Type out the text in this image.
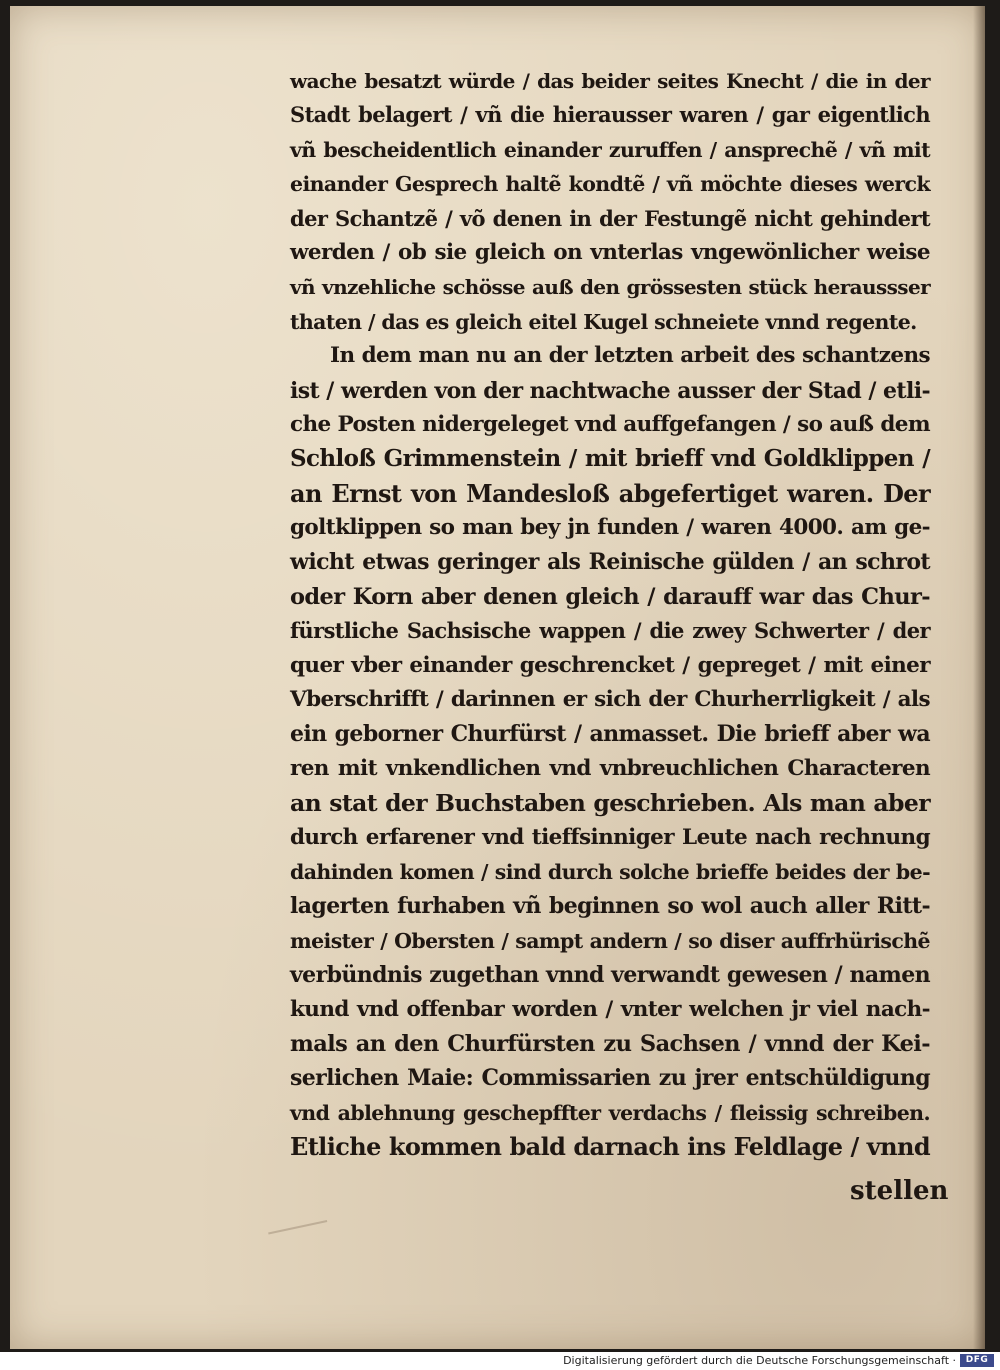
wache besatzt würde / das beider seites Knecht / die in der
Stadt belagert / vñ die hierausser waren / gar eigentlich
vñ bescheidentlich einander zuruffen / ansprechẽ / vñ mit
einander Gesprech haltẽ kondtẽ / vñ möchte dieses werck
der Schantzẽ / võ denen in der Festungẽ nicht gehindert
werden / ob sie gleich on vnterlas vngewönlicher weise
vñ vnzehliche schösse auß den grössesten stück heraussser
thaten / das es gleich eitel Kugel schneiete vnnd regente.
In dem man nu an der letzten arbeit des schantzens
ist / werden von der nachtwache ausser der Stad / etli-
che Posten nidergeleget vnd auffgefangen / so auß dem
Schloß Grimmenstein / mit brieff vnd Goldklippen /
an Ernst von Mandesloß abgefertiget waren. Der
goltklippen so man bey jn funden / waren 4000. am ge-
wicht etwas geringer als Reinische gülden / an schrot
oder Korn aber denen gleich / darauff war das Chur-
fürstliche Sachsische wappen / die zwey Schwerter / der
quer vber einander geschrencket / gepreget / mit einer
Vberschrifft / darinnen er sich der Churherrligkeit / als
ein geborner Churfürst / anmasset. Die brieff aber wa
ren mit vnkendlichen vnd vnbreuchlichen Characteren
an stat der Buchstaben geschrieben. Als man aber
durch erfarener vnd tieffsinniger Leute nach rechnung
dahinden komen / sind durch solche brieffe beides der be-
lagerten furhaben vñ beginnen so wol auch aller Ritt-
meister / Obersten / sampt andern / so diser auffrhürischẽ
verbündnis zugethan vnnd verwandt gewesen / namen
kund vnd offenbar worden / vnter welchen jr viel nach-
mals an den Churfürsten zu Sachsen / vnnd der Kei-
serlichen Maie: Commissarien zu jrer entschüldigung
vnd ablehnung geschepffter verdachs / fleissig schreiben.
Etliche kommen bald darnach ins Feldlage / vnnd
stellen
Digitalisierung gefördert durch die Deutsche Forschungsgemeinschaft ·	DFG
